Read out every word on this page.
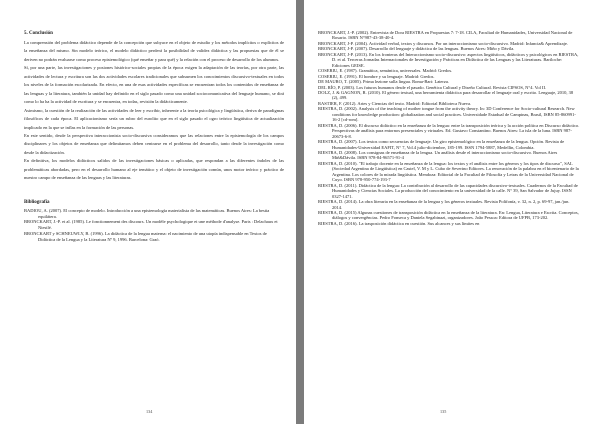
5. Conclusión

La comprensión del problema didáctico depende de la concepción que subyace en el objeto de estudio y los métodos implícitos o explícitos de la enseñanza del mismo. Sin modelo teórico, el modelo didáctico perderá la posibilidad de validez didáctica y las propuestas que de él se deriven no podrán evaluarse como proceso epistemológico (qué enseñar y para qué) y la relación con el proceso de desarrollo de los alumnos.

Sí, por una parte, las investigaciones y posiones histórico-sociales propias de la época exigen la adaptación de las teorías, por otra parte, las actividades de lectura y escritura son las dos actividades escolares tradicionales que subsumen los conocimientos discursivo-textuales en todos los niveles de la formación escolarizada. En efecto, en una de esas actividades específicas se encuentran todos los contenidos de enseñanza de las lenguas y la literatura, también la unidad hay definido en el siglo pasado como una unidad sociocomunicativa del lenguaje humano, se dirá como lo ha ha la actividad de escritura y se encuentra, en todas, revisión la didácticamente.

Asimismo, la cuestión de la realización de las actividades de leer y escribir, inherente a la teoría psicológica y lingüística, deriva de paradigmas filosóficos de cada época. El aplicacionismo sería un rubro del eurolito que en el siglo pasado el ogro teórico lingüística de actualización implicado en la que se inflas en la formación de las personas.

En este sentido, desde la perspectiva interaccionista socio-discursiva consideramos que las relaciones entre la epistemología de los campos disciplinares y los objetos de enseñanza que delimitamos deben centrarse en el problema del desarrollo, tanto desde la investigación como desde la didactización.

En definitiva, los modelos didácticos salidos de las investigaciones básicas o aplicadas, que respondan a las diferentes índoles de las problemáticas abordadas, pero en el desarrollo humano al eje temático y el objeto de investigación común, unos motor teórico y práctico de nuestro campo de enseñanza de las lenguas y las literaturas.

Bibliografía

BADIOU, A. (2007). El concepto de modelo. Introducción a una epistemología materialista de las matemáticas. Buenos Aires: La bestia equilátera.

BRONCKART, J.-P. et al. (1985). Le fonctionnement des discours. Un modèle psychologique et une méthode d'analyse. Paris : Delachaux et Niestlé.

BRONCKART y SCHNEUWLY, B. (1996). La didáctica de la lengua materna: el nacimiento de una utopía indispensable en Textos de Didáctica de la Lengua y la Literatura Nº 9, 1996. Barcelona: Graó.

134

BRONCKART, J.-P. (2002). Entrevista de Dora RIESTRA en Propuestas 7: 7-18. CILA, Facultad de Humanidades, Universidad Nacional de Rosario. ISBN N°987-43-38-40-4.

BRONCKART, J-P. (2004). Actividad verbal, textos y discursos. Por un interaccionismo socio-discursivo. Madrid: Infancia& Aprendizaje.

BRONCKART, J-P. (2007). Desarrollo del lenguaje y didáctica de las lenguas. Buenos Aires: Miño y Dávila.

BRONCKART, J-P. (2013). En los fronteras del Interaccionismo socio-discursivo: aspectos lingüísticos, didácticos y psicológicos en RIESTRA, D. et al. Terceras Jornadas Internacionales de Investigación y Prácticas en Didáctica de las Lenguas y las Literaturas. Bariloche: Ediciones GEISE.

COSERIU, E. (1987). Gramática, semántica, universales. Madrid: Gredos.

COSERIU, E. (1991). El hombre y su lenguaje. Madrid: Gredos.

DE MAURO, T. (2005). Prima lezione sulla lingua. Roma-Bari: Laterza.

DEL RÍO, P. (2003). Los futuros humanos desde el pasado. Genética Cultural y Diseño Cultural. Revista CIPSOS, N°4. Vol II.

DOLZ, J. & GAGNON, R. (2010). El género textual, una herramienta didáctica para desarrollar el lenguaje oral y escrito. Lenguaje, 2010, 38 (2), 499.

RASTIER, F. (2012). Artes y Ciencias del texto. Madrid: Editorial Biblioteca Nueva.

RIESTRA, D. (2002). Analysis of the teaching of mother tongue from the activity theory. In: 3D Conference for Socio-cultural Research. New conditions for knowledge production: globalization and social practices. Universidade Estadual de Campinas, Brasil, ISBN 85-860991-16-2 [cd-rom].

RIESTRA, D. (2006). El discurso didáctico en la enseñanza de la lengua: entre la transposición teórica y la acción política en Discurso didáctico. Perspectivas de análisis para entornos presenciales y virtuales. Ed. Gustavo Constantino. Buenos Aires: La isla de la luna. ISBN 987-20673-6-8.

RIESTRA, D. (2007). Los textos como secuencias de lenguaje. Un giro epistemológico en la enseñanza de la lengua. Opción. Revista de Humanidades-Universidad EAFIT, N° 7, Vol.4 julio-diciembre, 185-199. ISSN 1794-5887, Medellín, Colombia.

RIESTRA, D. (2008). Los consignas de enseñanza de la lengua. Un análisis desde el interaccionismo socio-discursivo. Buenos Aires Miñ&Dávila. ISBN 978-84-96571-91-4

RIESTRA, D. (2010). "El trabajo docente en la enseñanza de la lengua: los textos y el análisis entre los géneros y los tipos de discurso", SAL (Sociedad Argentina de Lingüística) en Castel, V. M y L. Cubo de Severino Editores. La renovación de la palabra en el bicentenario de la Argentina. Los colores de la mirada lingüística. Mendoza: Editorial de la Facultad de Filosofía y Letras de la Universidad Nacional de Cuyo. ISBN 978-950-774-193-7

RIESTRA, D. (2011). Didáctica de la lengua: La contribución al desarrollo de las capacidades discursivo-textuales. Cuadernos de la Facultad de Humanidades y Ciencias Sociales. La producción del conocimiento en la universidad de la calle. N° 39, San Salvador de Jujuy. ISSN 0327-1471.

RIESTRA, D. (2014). La obra literaria en la enseñanza de la lengua y los géneros textuales. Revista Polifonía, v. 32, n. 2, p. 69-97, jan./jun. 2014.

RIESTRA, D. (2015) Algunas cuestiones de transposición didáctica en la enseñanza de la literatura. En: Lengua, Literatura e Escrita. Conceptos, diálogos y convergências. Pedro Fonseca y Daniela Segabinazi, organizadores. João Pessoa: Editora de UFPB, 173-202.

RIESTRA, D. (2016). La trasposición didáctica en cuestión. Sus alcances y sus límites en

135
